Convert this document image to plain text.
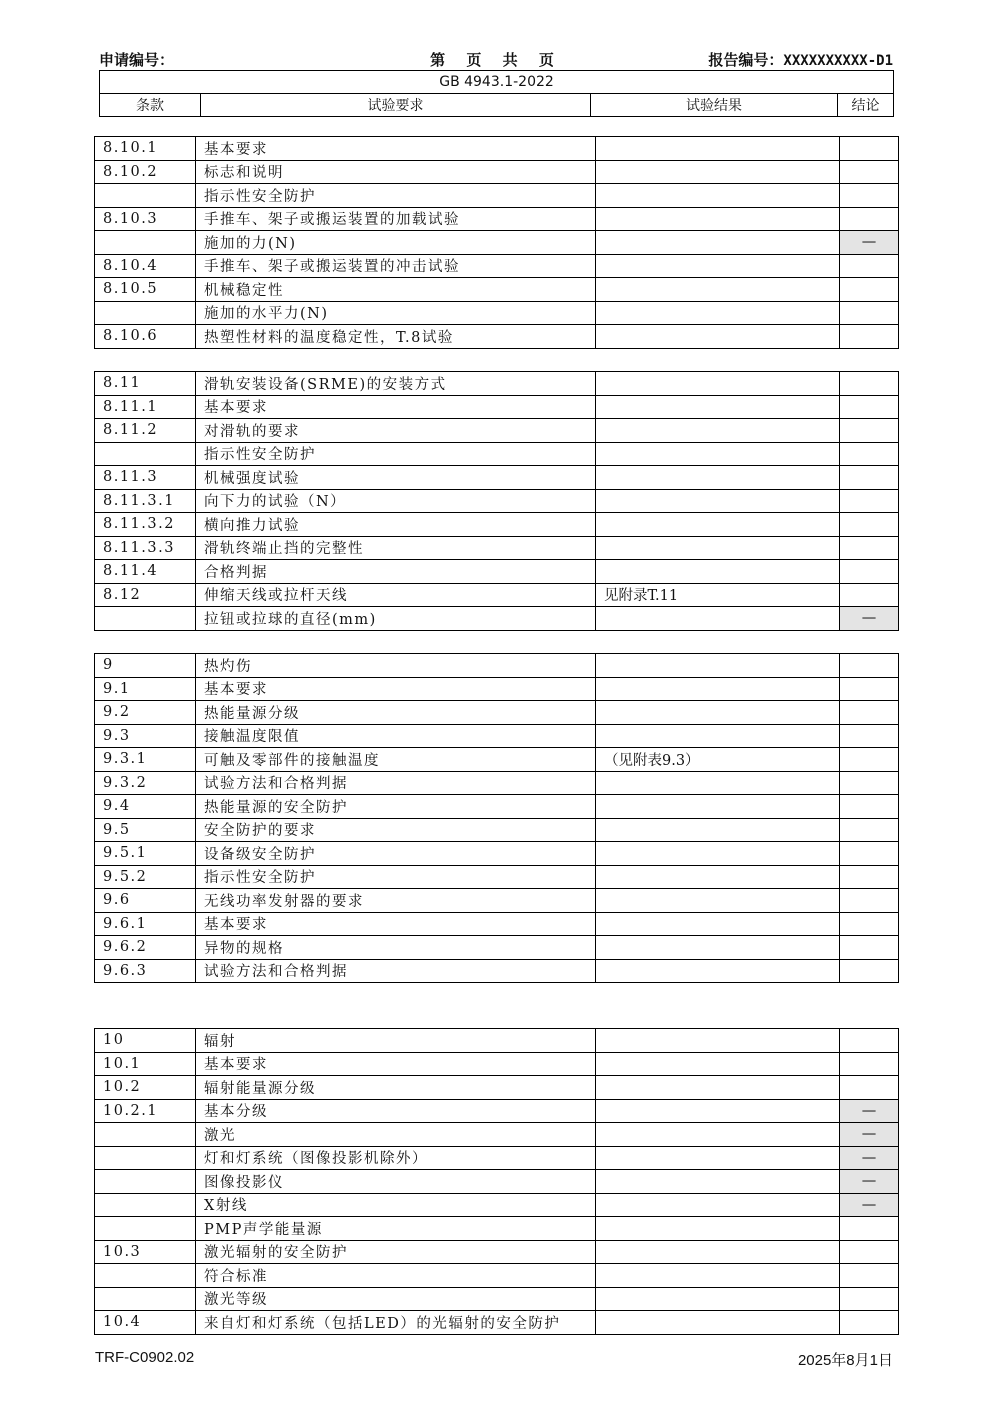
申请编号：	第 页 共 页	报告编号：XXXXXXXXXX-D1
GB 4943.1-2022
条款	试验要求	试验结果	结论
8.10.1	基本要求		
8.10.2	标志和说明		
	指示性安全防护		
8.10.3	手推车、架子或搬运装置的加载试验		
	施加的力(N)		—
8.10.4	手推车、架子或搬运装置的冲击试验		
8.10.5	机械稳定性		
	施加的水平力(N)		
8.10.6	热塑性材料的温度稳定性，T.8试验		
8.11	滑轨安装设备(SRME)的安装方式		
8.11.1	基本要求		
8.11.2	对滑轨的要求		
	指示性安全防护		
8.11.3	机械强度试验		
8.11.3.1	向下力的试验（N）		
8.11.3.2	横向推力试验		
8.11.3.3	滑轨终端止挡的完整性		
8.11.4	合格判据		
8.12	伸缩天线或拉杆天线	见附录T.11	
	拉钮或拉球的直径(mm)		—
9	热灼伤		
9.1	基本要求		
9.2	热能量源分级		
9.3	接触温度限值		
9.3.1	可触及零部件的接触温度	（见附表9.3）	
9.3.2	试验方法和合格判据		
9.4	热能量源的安全防护		
9.5	安全防护的要求		
9.5.1	设备级安全防护		
9.5.2	指示性安全防护		
9.6	无线功率发射器的要求		
9.6.1	基本要求		
9.6.2	异物的规格		
9.6.3	试验方法和合格判据		
10	辐射		
10.1	基本要求		
10.2	辐射能量源分级		
10.2.1	基本分级		—
	激光		—
	灯和灯系统（图像投影机除外）		—
	图像投影仪		—
	X射线		—
	PMP声学能量源		
10.3	激光辐射的安全防护		
	符合标准		
	激光等级		
10.4	来自灯和灯系统（包括LED）的光辐射的安全防护		
TRF-C0902.02	2025年8月1日
